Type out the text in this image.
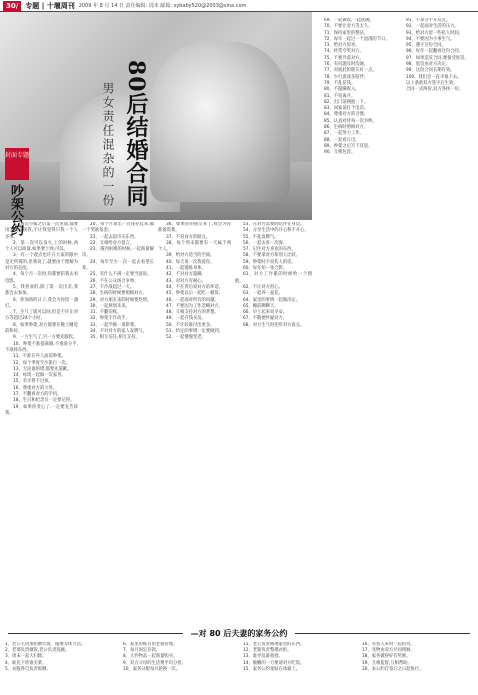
30/	专题 | 十堰周刊 2009 年 8 月 14 日 责任编辑: 周末 邮箱: sybaby520@2003@sina.com
80后结婚合同
男女责任混杂的一份
封面专题
吵架公约

1、每次小妹之后第一次见面,都要用笑容迎接我,不让我觉得只我一个人多事。

2、第一次可以发火,上的时候,两个人可以商量,如果要上网,可以。

3、有一个观点也许在大家的眼中是无所谓的,但我说了,就要由于理解为对方的态度。

4、每个月一次时,你都要陪我去看电影。

5、我喜欢的,除了第一次出差,我都会去参加。

6、你加班的日子,我会为你留一盏灯。

7、生气了就可以回,但是不许让对方等超过24个小时。

8、如果吵架,双方都要在晚上睡觉前和好。

9、一方生气了,另一方要先服软。

10、吵架不准提离婚,不准说分手,不准摔东西。

11、不准在外人面前吵架。

12、每个季度至少旅行一次。

13、无论谁的错,都要先道歉。

14、每周一起做一次家务。

15、有矛盾不过夜。

16、尊重对方的父母。

17、不翻看对方的手机。

18、生日和纪念日一定要记得。

19、如果你变心了,一定要先告诉我。

20、每个月拿出一点钱存起来,做一个奖励基金。

21、一起去超市买东西。

22、互相给对方留言。

23、遇到困难的时候,一起商量解决。

24、每年至少一次一起去看望长辈。

25、有什么不满一定要当面说。

26、不在公众场合争吵。

27、不冷战超过一天。

28、生病的时候要照顾对方。

29、对方朋友来的时候要热情。

30、一起规划未来。

31、不翻旧账。

32、吵架不许动手。

33、一起学做一道新菜。

34、不对对方的家人发脾气。

35、相互信任,相互支持。

36、如果你的朋友来了,我会为你准备饭菜。

37、不说对方的缺点。

38、每个周末都要有一天属于两个人。

39、给对方适当的空间。

40、每天说一次我爱你。

41、一起锻炼身体。

42、不对对方隐瞒。

43、对对方有耐心。

44、不在背后说对方的坏话。

45、吵架以后一起吃一顿饭。

46、一起面对所有的问题。

47、不要因为工作忽略对方。

48、互相支持对方的梦想。

49、一起存钱买房。

50、不计较谁付出更多。

51、约定的事情一定要做到。

52、一起慢慢变老。

53、在对方需要时陪伴在身边。

54、分享生活中的开心和不开心。

55、不乱发脾气。

56、一起去看一次海。

57、记住对方喜欢的东西。

58、不要拿对方和别人比较。

59、吵架时不说伤人的话。

60、每年拍一张合影。

61、对方工作累的时候给一个拥抱。

62、不让对方担心。

63、一起养一盆花。

64、家里的事情一起做决定。

65、睡前聊聊天。

66、早上起来说早安。

67、不随便怀疑对方。

68、对方生气时先听对方说完。

69、一起做饭,一起洗碗。

70、不要让对方等太久。

71、保持家里的整洁。

72、每年一起过一个浪漫的节日。

73、给对方惊喜。

74、经常夸奖对方。

75、不要冷落对方。

76、有问题及时沟通。

77、对彼此的朋友好一点。

78、少打游戏多陪伴。

79、不乱花钱。

80、不隐瞒收入。

81、不说离开。

82、出门前拥抱一下。

83、回家前打个电话。

84、尊重对方的习惯。

85、认真对待每一次争吵。

86、生病时照顾对方。

87、一起努力工作。

88、一起看日出。

89、吵架之后写下反思。

90、互相包容。

91、不拿分手开玩笑。

92、一起面对生活的压力。

93、给对方留一些私人时间。

94、不要因为小事生气。

95、遵守这份合同。

96、每年一起翻看这份合同。

97、如果违反合同,要接受惩罚。

98、惩罚由对方决定。

99、这份合同长期有效。

100、我们会一直幸福下去。

以上条款双方签字后生效。

合同一式两份,双方各执一份。

—对 80 后夫妻的家务公约

1、老公主动承担倒垃圾、拖地等体力活。

2、老婆负责做饭,老公负责洗碗。

3、周末一起大扫除。

4、谁先下班谁买菜。

5、衣服各自负责晾晒。

6、家里的账目由老婆管理。

7、每月固定存款。

8、大件物品一起商量购买。

9、双方父母的生活费平均分担。

10、家务分配每月轮换一次。

11、老公负责修理家里的东西。

12、老婆负责整理衣柜。

13、谁弄乱谁收拾。

14、偷懒的一方要请对方吃饭。

15、家务公约张贴在冰箱上。

16、有客人来时一起招待。

17、宠物由双方共同照顾。

18、家务做得好有奖励。

19、互相监督,互相帮助。

20、本公约自签订之日起执行。
